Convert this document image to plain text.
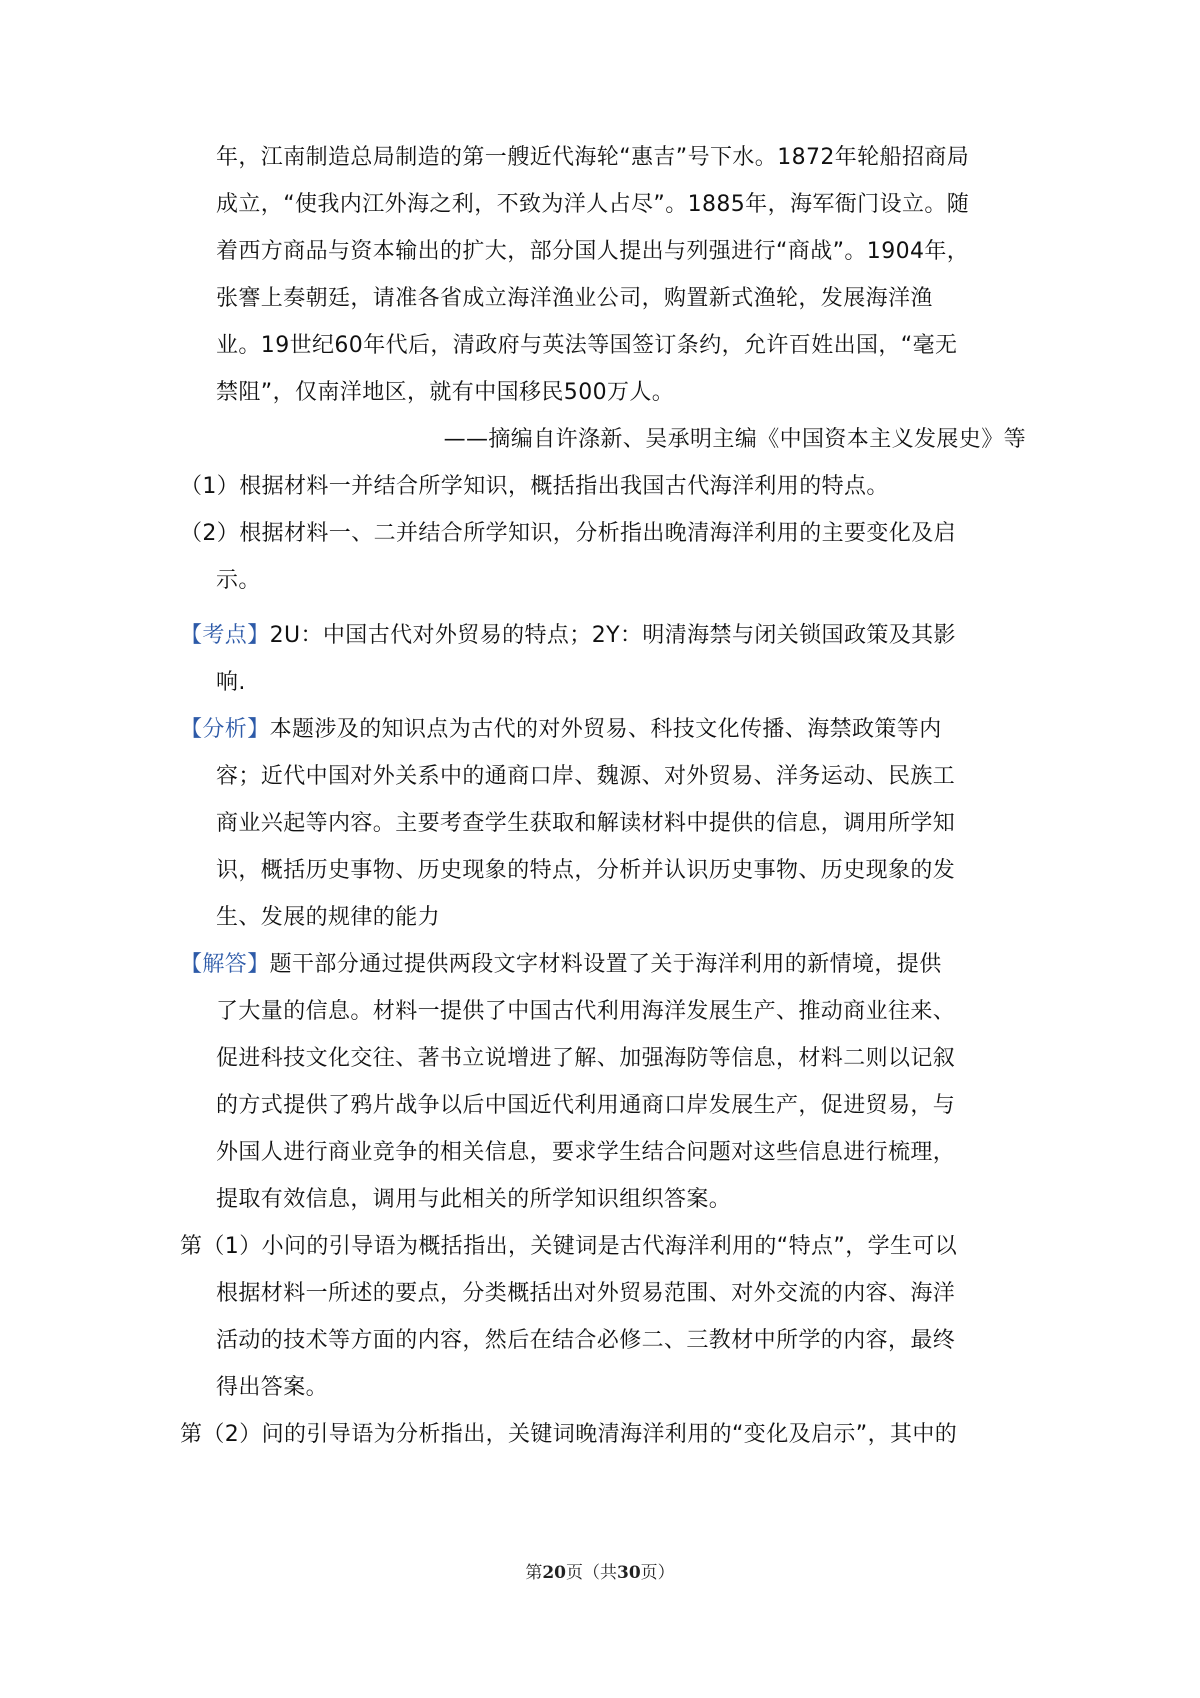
年，江南制造总局制造的第一艘近代海轮“惠吉”号下水。1872年轮船招商局
成立，“使我内江外海之利，不致为洋人占尽”。1885年，海军衙门设立。随
着西方商品与资本输出的扩大，部分国人提出与列强进行“商战”。1904年，
张謇上奏朝廷，请准各省成立海洋渔业公司，购置新式渔轮，发展海洋渔
业。19世纪60年代后，清政府与英法等国签订条约，允许百姓出国，“毫无
禁阻”，仅南洋地区，就有中国移民500万人。
——摘编自许涤新、吴承明主编《中国资本主义发展史》等
（1）根据材料一并结合所学知识，概括指出我国古代海洋利用的特点。
（2）根据材料一、二并结合所学知识，分析指出晚清海洋利用的主要变化及启
示。
【考点】2U：中国古代对外贸易的特点；2Y：明清海禁与闭关锁国政策及其影
响.
【分析】本题涉及的知识点为古代的对外贸易、科技文化传播、海禁政策等内
容；近代中国对外关系中的通商口岸、魏源、对外贸易、洋务运动、民族工
商业兴起等内容。主要考查学生获取和解读材料中提供的信息，调用所学知
识，概括历史事物、历史现象的特点，分析并认识历史事物、历史现象的发
生、发展的规律的能力
【解答】题干部分通过提供两段文字材料设置了关于海洋利用的新情境，提供
了大量的信息。材料一提供了中国古代利用海洋发展生产、推动商业往来、
促进科技文化交往、著书立说增进了解、加强海防等信息，材料二则以记叙
的方式提供了鸦片战争以后中国近代利用通商口岸发展生产，促进贸易，与
外国人进行商业竞争的相关信息，要求学生结合问题对这些信息进行梳理，
提取有效信息，调用与此相关的所学知识组织答案。
第（1）小问的引导语为概括指出，关键词是古代海洋利用的“特点”，学生可以
根据材料一所述的要点，分类概括出对外贸易范围、对外交流的内容、海洋
活动的技术等方面的内容，然后在结合必修二、三教材中所学的内容，最终
得出答案。
第（2）问的引导语为分析指出，关键词晚清海洋利用的“变化及启示”，其中的
第20页（共30页）
